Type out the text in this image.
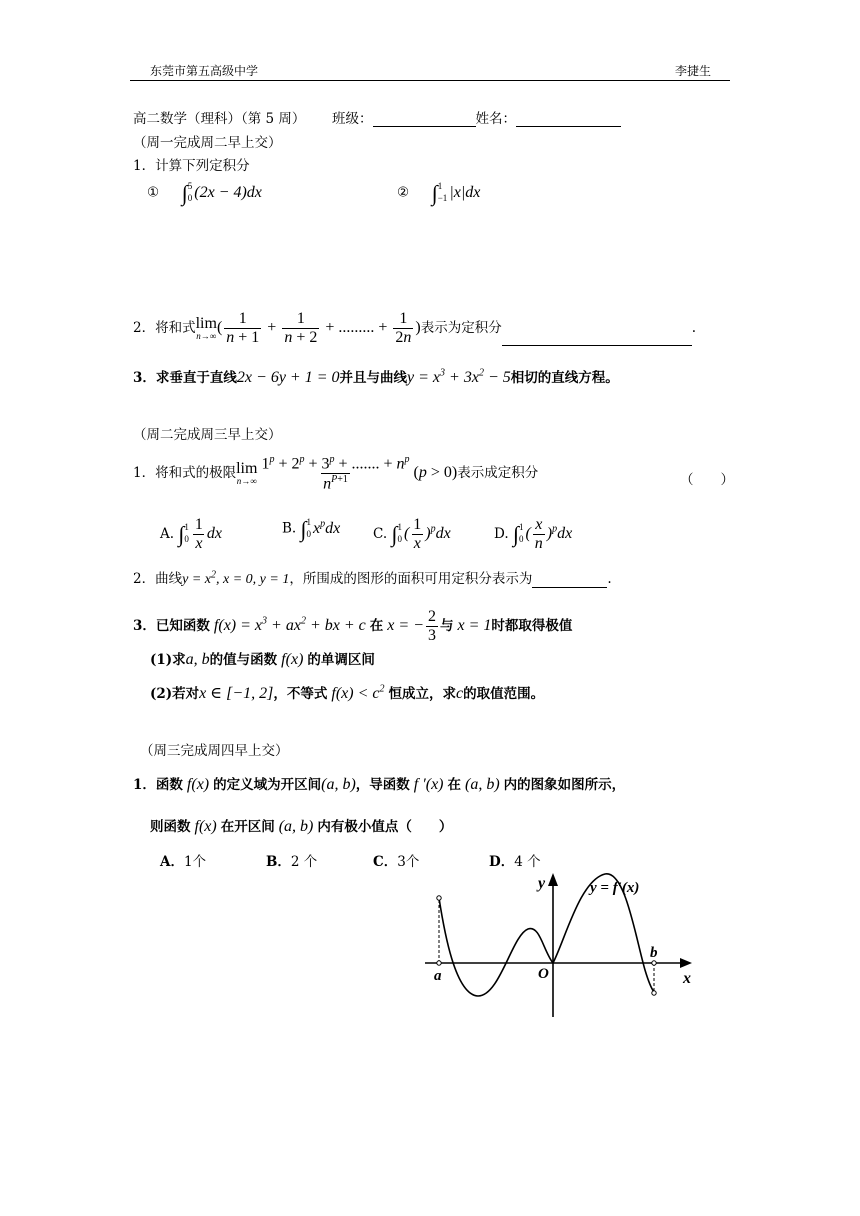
东莞市第五高级中学	李捷生
高二数学（理科）（第 5 周） 班级：	姓名：
（周一完成周二早上交）
1．计算下列定积分
① ∫ 5
0 (2x − 4)dx	② ∫ 1
−1 |x|dx
2．将和式 lim
n→∞ ( $\frac{1}{n + 1} + \frac{1}{n + 2}$ + ......... + $\frac{1}{2n}$ )表示为定积分	.
3．求垂直于直线2x − 6y + 1 = 0并且与曲线$y = x^3 + 3x^2 - 5$相切的直线方程。
（周二完成周三早上交）
1．将和式的极限 lim
$n\to\infty \frac{1^p + 2^p + 3^p + ....... + n^p}{n^{P+1}} (p > 0)$表示成定积分	（　　）
A. ∫ 1
$0 \frac{1}{x}$ dx	B. ∫ 1
0 $x^pdx$ C. ∫ 1
0 ( $\frac{1}{x} )^pdx$	D. ∫ 1
0 ( $\frac{x}{n} )^pdx$
2．曲线$y = x^2$, x = 0, y = 1，所围成的图形的面积可用定积分表示为	.
3．已知函数 $f(x) = x^3 + ax^2$ + bx + c 在 x = − $\frac{2}{3}$ 与 x = 1时都取得极值
(1)求a, b的值与函数 f(x) 的单调区间
(2)若对x ∈ [−1, 2]，不等式 $f(x) < c^2$ 恒成立，求c的取值范围。
（周三完成周四早上交）
1．函数 f(x) 的定义域为开区间(a, b)，导函数 f ′(x) 在 (a, b) 内的图象如图所示，
则函数 f(x) 在开区间 (a, b) 内有极小值点（　　）
A．1个	B．2 个	C．3个	D．4 个
y
x
y = f′(x)
O
a
b
